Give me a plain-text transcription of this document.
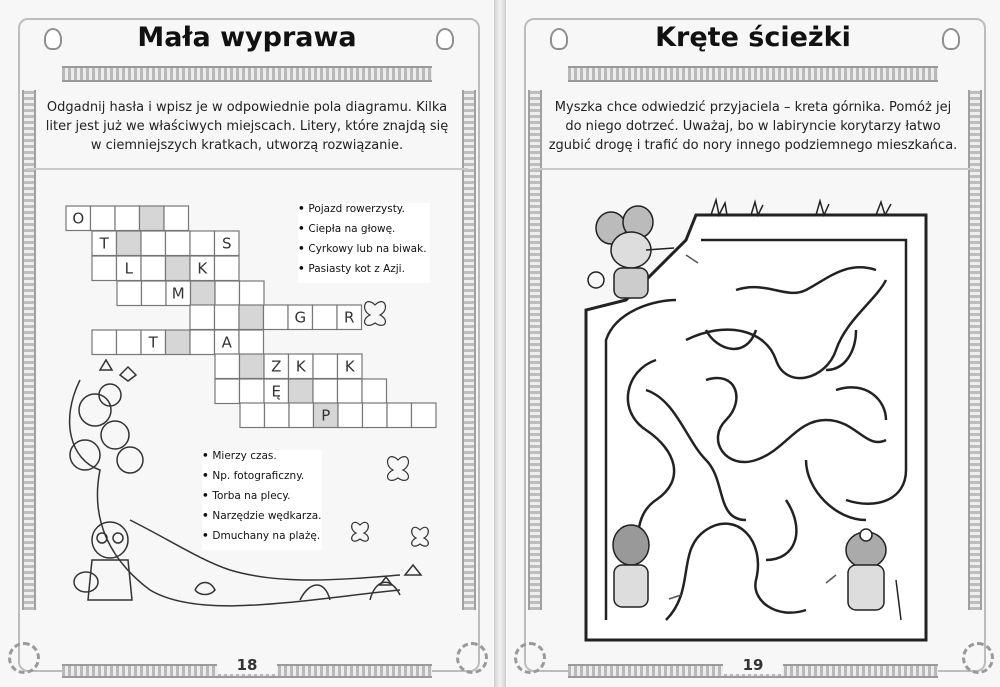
Mała wyprawa
Odgadnij hasła i wpisz je w odpowiednie pola diagramu. Kilka liter jest już we właściwych miejscach. Litery, które znajdą się w ciemniejszych kratkach, utworzą rozwiązanie.
O
T	S
L	K
M
G	R
T	A
Z K	K
Ę
P
• Pojazd rowerzysty.
• Ciepła na głowę.
• Cyrkowy lub na biwak.
• Pasiasty kot z Azji.
• Mierzy czas.
• Np. fotograficzny.
• Torba na plecy.
• Narzędzie wędkarza.
• Dmuchany na plażę.
18
Kręte ścieżki
Myszka chce odwiedzić przyjaciela – kreta górnika. Pomóż jej do niego dotrzeć. Uważaj, bo w labiryncie korytarzy łatwo zgubić drogę i trafić do nory innego podziemnego mieszkańca.
19
